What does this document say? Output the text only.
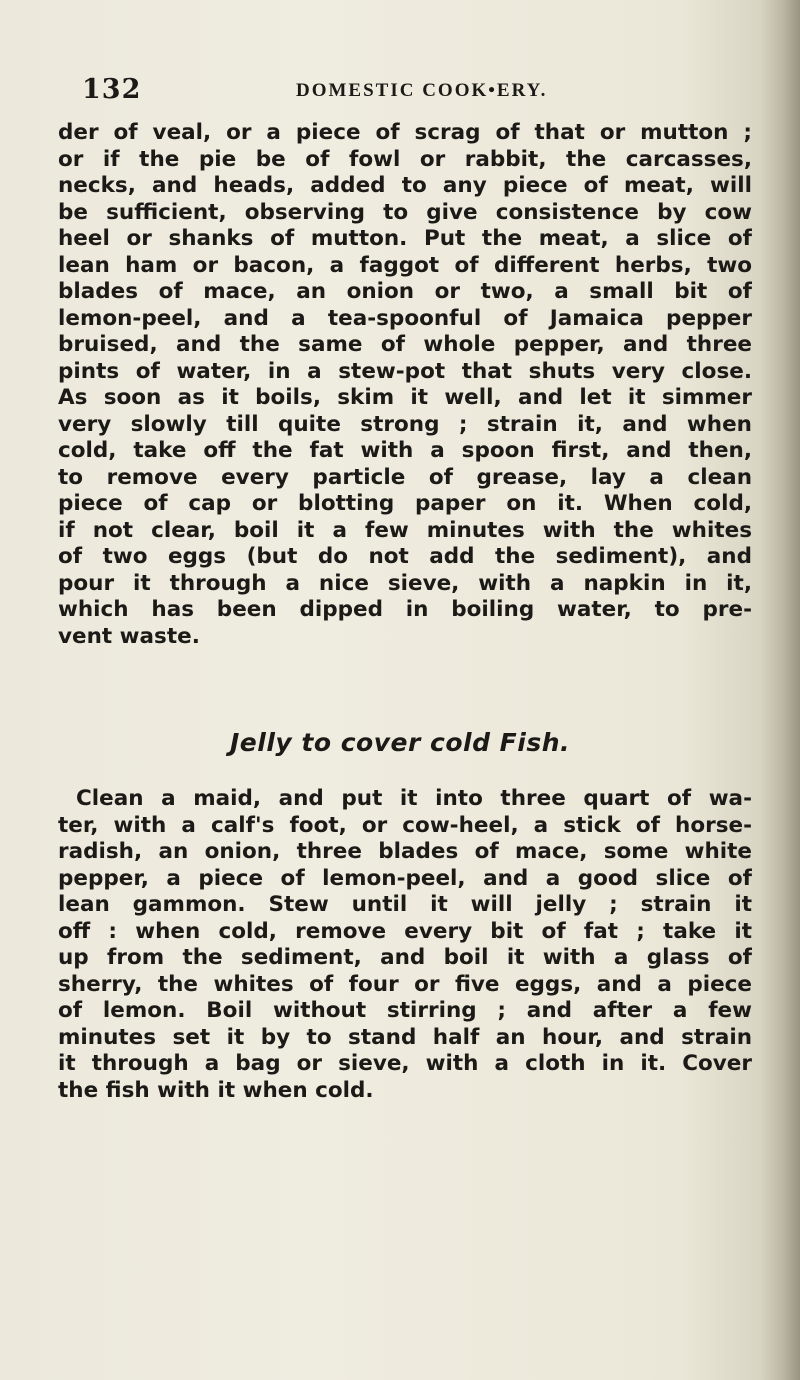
132	DOMESTIC COOK•ERY.
der of veal, or a piece of scrag of that or mutton ;
or if the pie be of fowl or rabbit, the carcasses,
necks, and heads, added to any piece of meat, will
be sufficient, observing to give consistence by cow
heel or shanks of mutton. Put the meat, a slice of
lean ham or bacon, a faggot of different herbs, two
blades of mace, an onion or two, a small bit of
lemon-peel, and a tea-spoonful of Jamaica pepper
bruised, and the same of whole pepper, and three
pints of water, in a stew-pot that shuts very close.
As soon as it boils, skim it well, and let it simmer
very slowly till quite strong ; strain it, and when
cold, take off the fat with a spoon first, and then,
to remove every particle of grease, lay a clean
piece of cap or blotting paper on it. When cold,
if not clear, boil it a few minutes with the whites
of two eggs (but do not add the sediment), and
pour it through a nice sieve, with a napkin in it,
which has been dipped in boiling water, to pre-
vent waste.
Jelly to cover cold Fish.
Clean a maid, and put it into three quart of wa-
ter, with a calf's foot, or cow-heel, a stick of horse-
radish, an onion, three blades of mace, some white
pepper, a piece of lemon-peel, and a good slice of
lean gammon. Stew until it will jelly ; strain it
off : when cold, remove every bit of fat ; take it
up from the sediment, and boil it with a glass of
sherry, the whites of four or five eggs, and a piece
of lemon. Boil without stirring ; and after a few
minutes set it by to stand half an hour, and strain
it through a bag or sieve, with a cloth in it. Cover
the fish with it when cold.
